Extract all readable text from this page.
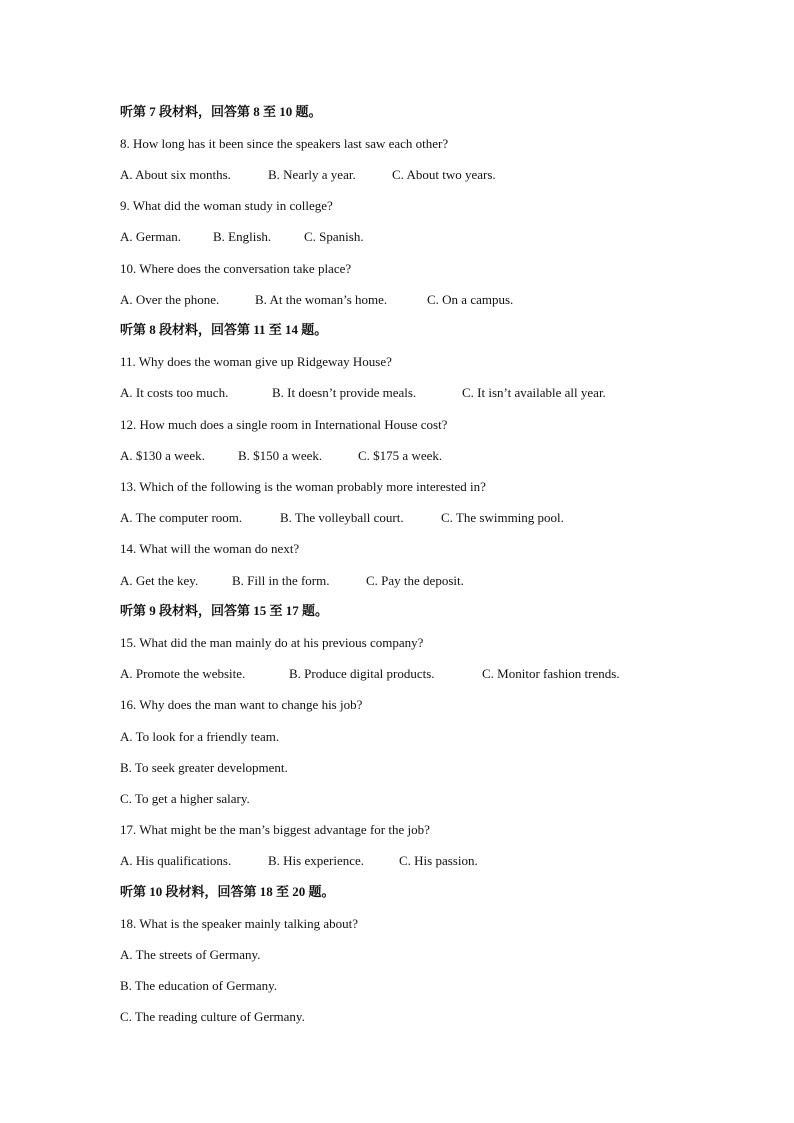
听第 7 段材料，回答第 8 至 10 题。
8. How long has it been since the speakers last saw each other?
A. About six months.	B. Nearly a year.	C. About two years.
9. What did the woman study in college?
A. German.	B. English.	C. Spanish.
10. Where does the conversation take place?
A. Over the phone.	B. At the woman’s home.	C. On a campus.
听第 8 段材料，回答第 11 至 14 题。
11. Why does the woman give up Ridgeway House?
A. It costs too much.	B. It doesn’t provide meals.	C. It isn’t available all year.
12. How much does a single room in International House cost?
A. $130 a week.	B. $150 a week.	C. $175 a week.
13. Which of the following is the woman probably more interested in?
A. The computer room.	B. The volleyball court.	C. The swimming pool.
14. What will the woman do next?
A. Get the key.	B. Fill in the form.	C. Pay the deposit.
听第 9 段材料，回答第 15 至 17 题。
15. What did the man mainly do at his previous company?
A. Promote the website.	B. Produce digital products.	C. Monitor fashion trends.
16. Why does the man want to change his job?
A. To look for a friendly team.
B. To seek greater development.
C. To get a higher salary.
17. What might be the man’s biggest advantage for the job?
A. His qualifications.	B. His experience.	C. His passion.
听第 10 段材料，回答第 18 至 20 题。
18. What is the speaker mainly talking about?
A. The streets of Germany.
B. The education of Germany.
C. The reading culture of Germany.
